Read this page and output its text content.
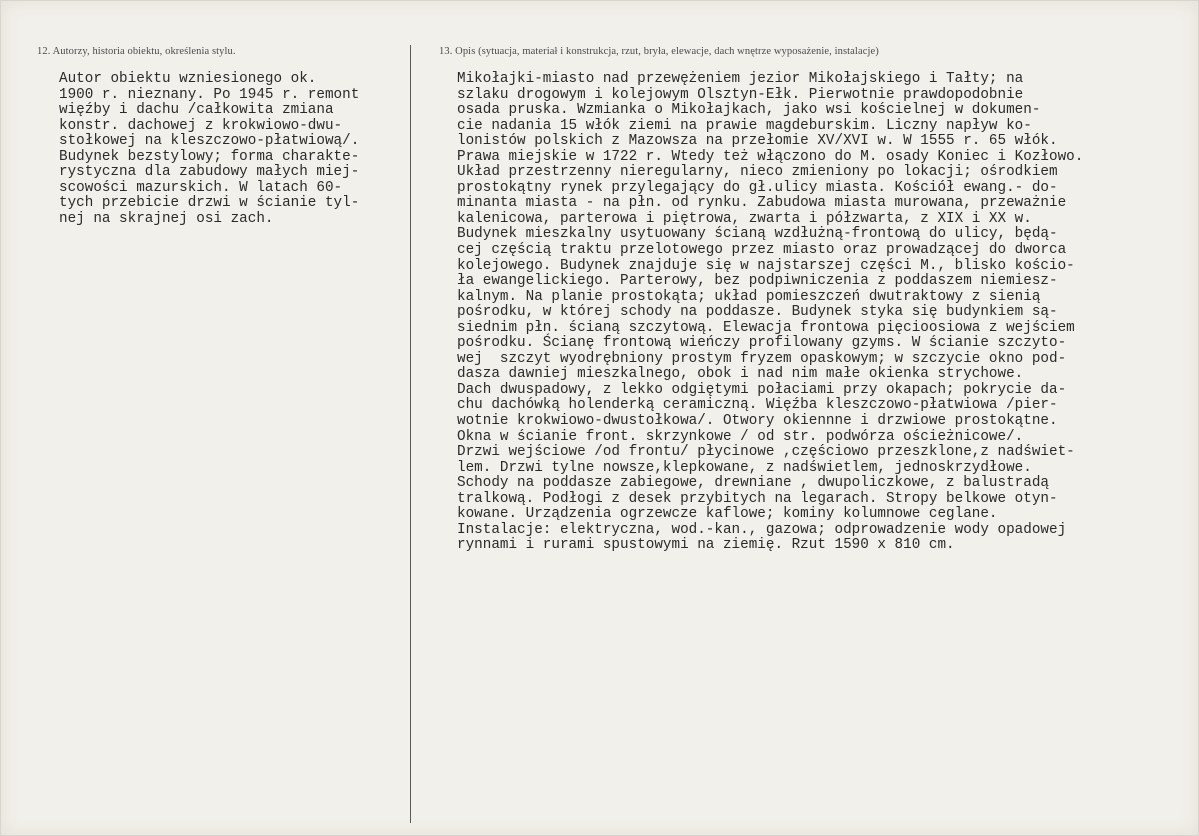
12. Autorzy, historia obiektu, określenia stylu.	13. Opis (sytuacja, materiał i konstrukcja, rzut, bryła, elewacje, dach wnętrze wyposażenie, instalacje)
Autor obiektu wzniesionego ok.
1900 r. nieznany. Po 1945 r. remont
więźby i dachu /całkowita zmiana
konstr. dachowej z krokwiowo-dwu-
stołkowej na kleszczowo-płatwiową/.
Budynek bezstylowy; forma charakte-
rystyczna dla zabudowy małych miej-
scowości mazurskich. W latach 60-
tych przebicie drzwi w ścianie tyl-
nej na skrajnej osi zach.
Mikołajki-miasto nad przewężeniem jezior Mikołajskiego i Tałty; na
szlaku drogowym i kolejowym Olsztyn-Ełk. Pierwotnie prawdopodobnie
osada pruska. Wzmianka o Mikołajkach, jako wsi kościelnej w dokumen-
cie nadania 15 włók ziemi na prawie magdeburskim. Liczny napływ ko-
lonistów polskich z Mazowsza na przełomie XV/XVI w. W 1555 r. 65 włók.
Prawa miejskie w 1722 r. Wtedy też włączono do M. osady Koniec i Kozłowo.
Układ przestrzenny nieregularny, nieco zmieniony po lokacji; ośrodkiem
prostokątny rynek przylegający do gł.ulicy miasta. Kościół ewang.- do-
minanta miasta - na płn. od rynku. Zabudowa miasta murowana, przeważnie
kalenicowa, parterowa i piętrowa, zwarta i półzwarta, z XIX i XX w.
Budynek mieszkalny usytuowany ścianą wzdłużną-frontową do ulicy, będą-
cej częścią traktu przelotowego przez miasto oraz prowadzącej do dworca
kolejowego. Budynek znajduje się w najstarszej części M., blisko kościo-
ła ewangelickiego. Parterowy, bez podpiwniczenia z poddaszem niemiesz-
kalnym. Na planie prostokąta; układ pomieszczeń dwutraktowy z sienią
pośrodku, w której schody na poddasze. Budynek styka się budynkiem są-
siednim płn. ścianą szczytową. Elewacja frontowa pięcioosiowa z wejściem
pośrodku. Ścianę frontową wieńczy profilowany gzyms. W ścianie szczyto-
wej  szczyt wyodrębniony prostym fryzem opaskowym; w szczycie okno pod-
dasza dawniej mieszkalnego, obok i nad nim małe okienka strychowe.
Dach dwuspadowy, z lekko odgiętymi połaciami przy okapach; pokrycie da-
chu dachówką holenderką ceramiczną. Więźba kleszczowo-płatwiowa /pier-
wotnie krokwiowo-dwustołkowa/. Otwory okiennne i drzwiowe prostokątne.
Okna w ścianie front. skrzynkowe / od str. podwórza ościeżnicowe/.
Drzwi wejściowe /od frontu/ płycinowe ,częściowo przeszklone,z nadświet-
lem. Drzwi tylne nowsze,klepkowane, z nadświetlem, jednoskrzydłowe.
Schody na poddasze zabiegowe, drewniane , dwupoliczkowe, z balustradą
tralkową. Podłogi z desek przybitych na legarach. Stropy belkowe otyn-
kowane. Urządzenia ogrzewcze kaflowe; kominy kolumnowe ceglane.
Instalacje: elektryczna, wod.-kan., gazowa; odprowadzenie wody opadowej
rynnami i rurami spustowymi na ziemię. Rzut 1590 x 810 cm.
